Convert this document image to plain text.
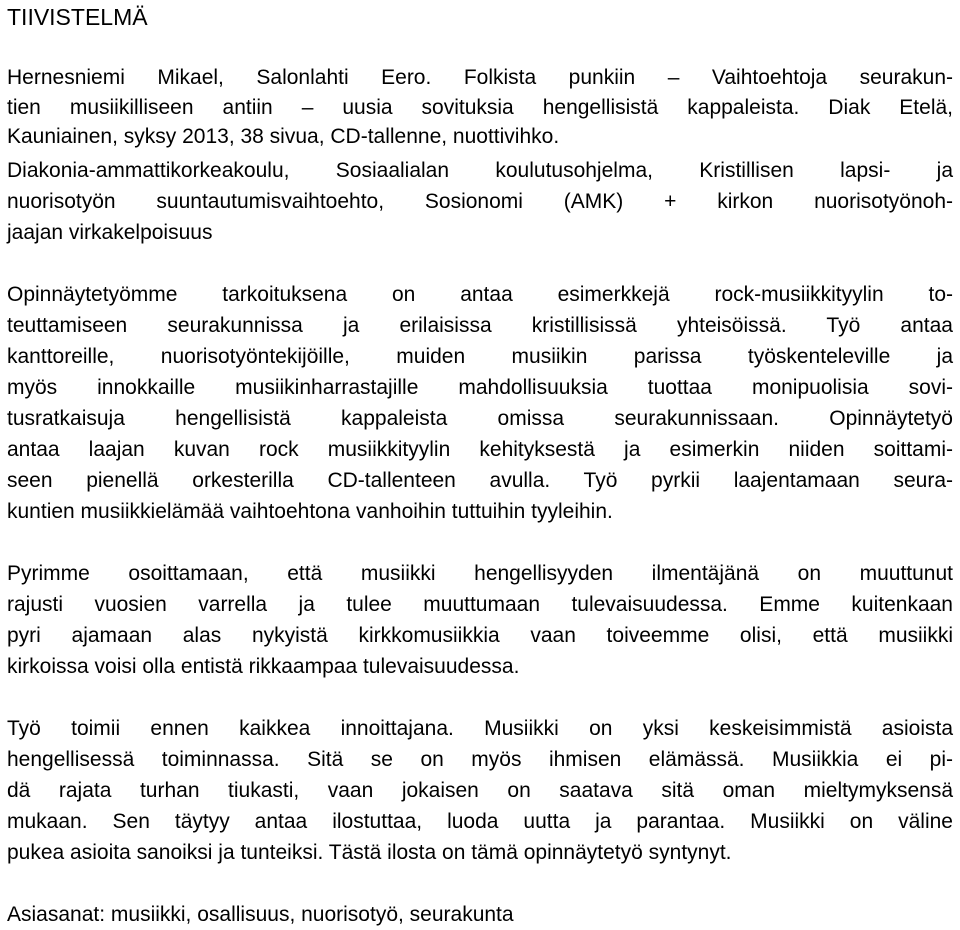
TIIVISTELMÄ
Hernesniemi Mikael, Salonlahti Eero. Folkista punkiin – Vaihtoehtoja seurakun-
tien musiikilliseen antiin – uusia sovituksia hengellisistä kappaleista. Diak Etelä,
Kauniainen, syksy 2013, 38 sivua, CD-tallenne, nuottivihko.
Diakonia-ammattikorkeakoulu, Sosiaalialan koulutusohjelma, Kristillisen lapsi- ja
nuorisotyön suuntautumisvaihtoehto, Sosionomi (AMK) + kirkon nuorisotyönoh-
jaajan virkakelpoisuus
Opinnäytetyömme tarkoituksena on antaa esimerkkejä rock-musiikkityylin to-
teuttamiseen seurakunnissa ja erilaisissa kristillisissä yhteisöissä. Työ antaa
kanttoreille, nuorisotyöntekijöille, muiden musiikin parissa työskenteleville ja
myös innokkaille musiikinharrastajille mahdollisuuksia tuottaa monipuolisia sovi-
tusratkaisuja hengellisistä kappaleista omissa seurakunnissaan. Opinnäytetyö
antaa laajan kuvan rock musiikkityylin kehityksestä ja esimerkin niiden soittami-
seen pienellä orkesterilla CD-tallenteen avulla. Työ pyrkii laajentamaan seura-
kuntien musiikkielämää vaihtoehtona vanhoihin tuttuihin tyyleihin.
Pyrimme osoittamaan, että musiikki hengellisyyden ilmentäjänä on muuttunut
rajusti vuosien varrella ja tulee muuttumaan tulevaisuudessa. Emme kuitenkaan
pyri ajamaan alas nykyistä kirkkomusiikkia vaan toiveemme olisi, että musiikki
kirkoissa voisi olla entistä rikkaampaa tulevaisuudessa.
Työ toimii ennen kaikkea innoittajana. Musiikki on yksi keskeisimmistä asioista
hengellisessä toiminnassa. Sitä se on myös ihmisen elämässä. Musiikkia ei pi-
dä rajata turhan tiukasti, vaan jokaisen on saatava sitä oman mieltymyksensä
mukaan. Sen täytyy antaa ilostuttaa, luoda uutta ja parantaa. Musiikki on väline
pukea asioita sanoiksi ja tunteiksi. Tästä ilosta on tämä opinnäytetyö syntynyt.
Asiasanat: musiikki, osallisuus, nuorisotyö, seurakunta
